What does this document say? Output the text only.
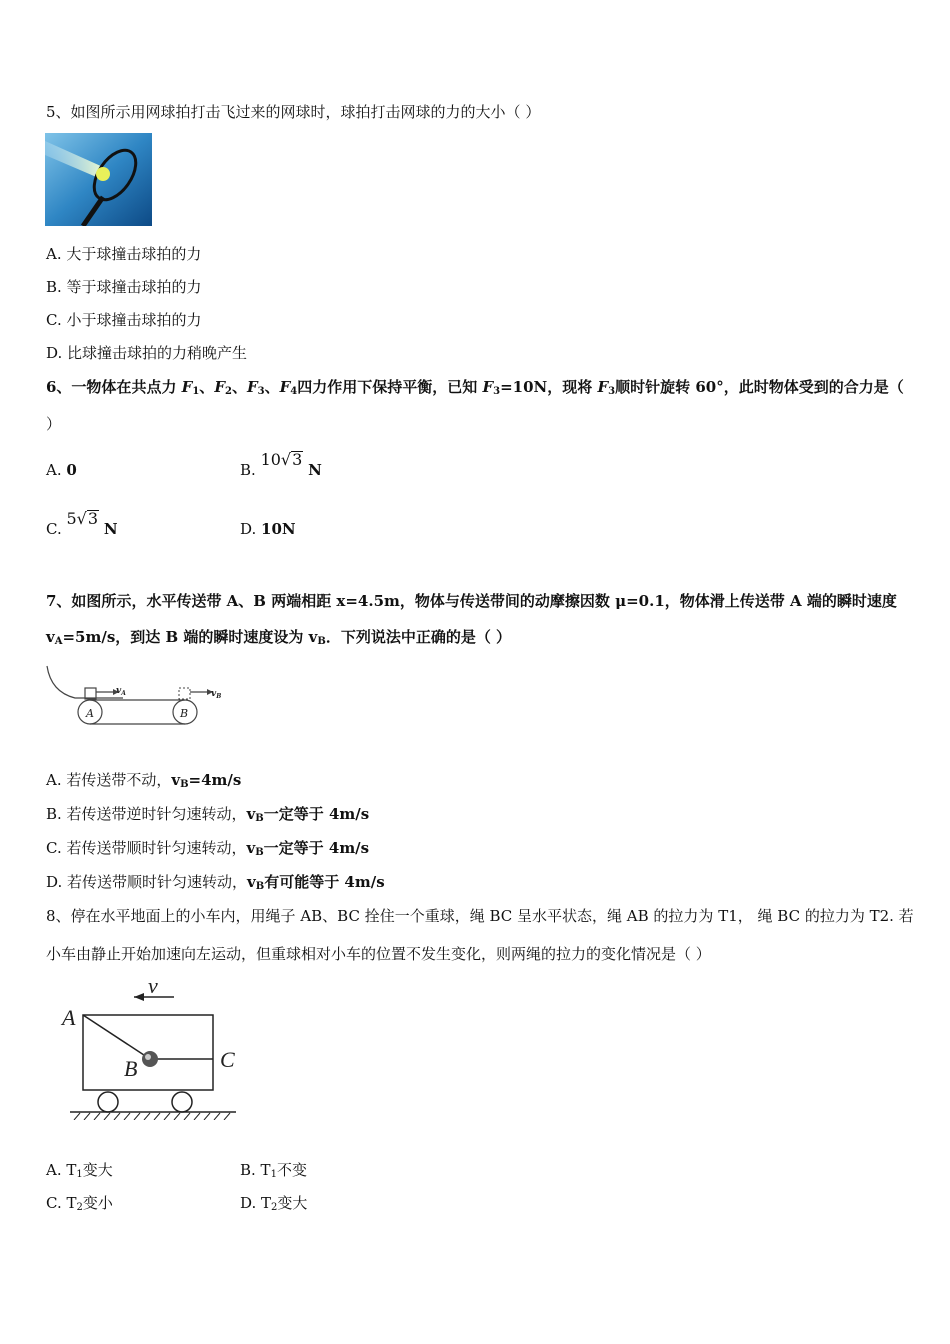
5、如图所示用网球拍打击飞过来的网球时，球拍打击网球的力的大小（ ）
A. 大于球撞击球拍的力
B. 等于球撞击球拍的力
C. 小于球撞击球拍的力
D. 比球撞击球拍的力稍晚产生
6、一物体在共点力 $F_1$、$F_2$、$F_3$、$F_4$四力作用下保持平衡，已知 $F_3=10N$，现将 $F_3$顺时针旋转 60°，此时物体受到的合力是（
）
A. 0	B. 10√3 N
C. 5√3 N	D. 10N
7、如图所示，水平传送带 A、B 两端相距 x=4.5m，物体与传送带间的动摩擦因数 μ=0.1，物体滑上传送带 A 端的瞬时速度
$v_A=5m/s$，到达 B 端的瞬时速度设为 $v_B$．下列说法中正确的是（ ）
A	B
$v_A$	$v_B$
A. 若传送带不动，$v_B=4m/s$
B. 若传送带逆时针匀速转动，$v_B$一定等于 4m/s
C. 若传送带顺时针匀速转动，$v_B$一定等于 4m/s
D. 若传送带顺时针匀速转动，$v_B$有可能等于 4m/s
8、停在水平地面上的小车内，用绳子 AB、BC 拴住一个重球，绳 BC 呈水平状态，绳 AB 的拉力为 T1， 绳 BC 的拉力为 T2. 若
小车由静止开始加速向左运动，但重球相对小车的位置不发生变化，则两绳的拉力的变化情况是（ ）
v
A
B	C
A. $T_1$变大	B. $T_1$不变
C. $T_2$变小	D. $T_2$变大
